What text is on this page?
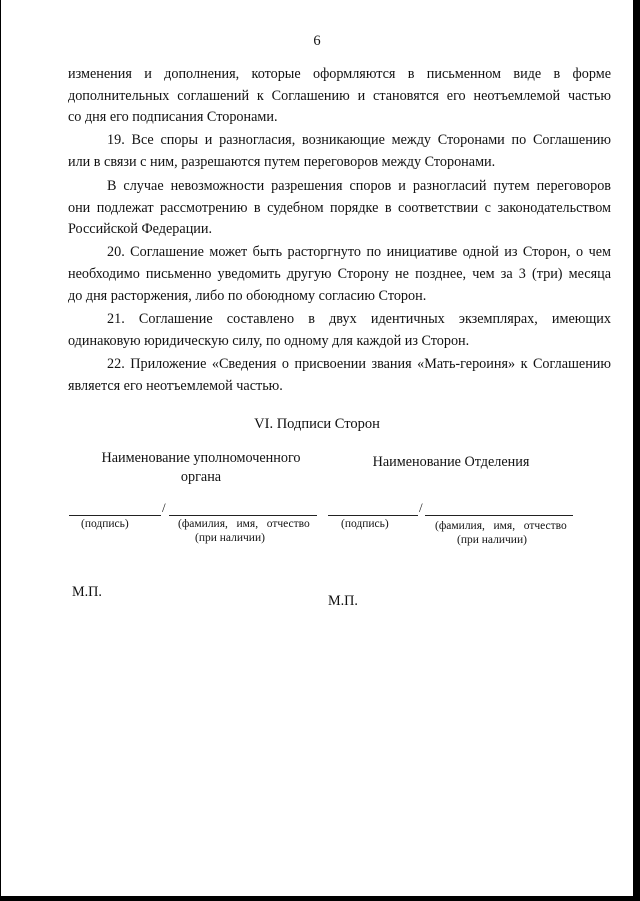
6
изменения и дополнения, которые оформляются в письменном виде в форме
дополнительных соглашений к Соглашению и становятся его неотъемлемой частью
со дня его подписания Сторонами.
19. Все споры и разногласия, возникающие между Сторонами по Соглашению
или в связи с ним, разрешаются путем переговоров между Сторонами.
В случае невозможности разрешения споров и разногласий путем переговоров
они подлежат рассмотрению в судебном порядке в соответствии с законодательством
Российской Федерации.
20. Соглашение может быть расторгнуто по инициативе одной из Сторон, о чем
необходимо письменно уведомить другую Сторону не позднее, чем за 3 (три) месяца
до дня расторжения, либо по обоюдному согласию Сторон.
21. Соглашение составлено в двух идентичных экземплярах, имеющих
одинаковую юридическую силу, по одному для каждой из Сторон.
22. Приложение «Сведения о присвоении звания «Мать-героиня» к Соглашению
является его неотъемлемой частью.
VI. Подписи Сторон
Наименование уполномоченного
органа
/
(подпись)	(фамилия,   имя,   отчество
(при наличии)
М.П.
Наименование Отделения
/
(подпись)	(фамилия,   имя,   отчество
(при наличии)
М.П.
